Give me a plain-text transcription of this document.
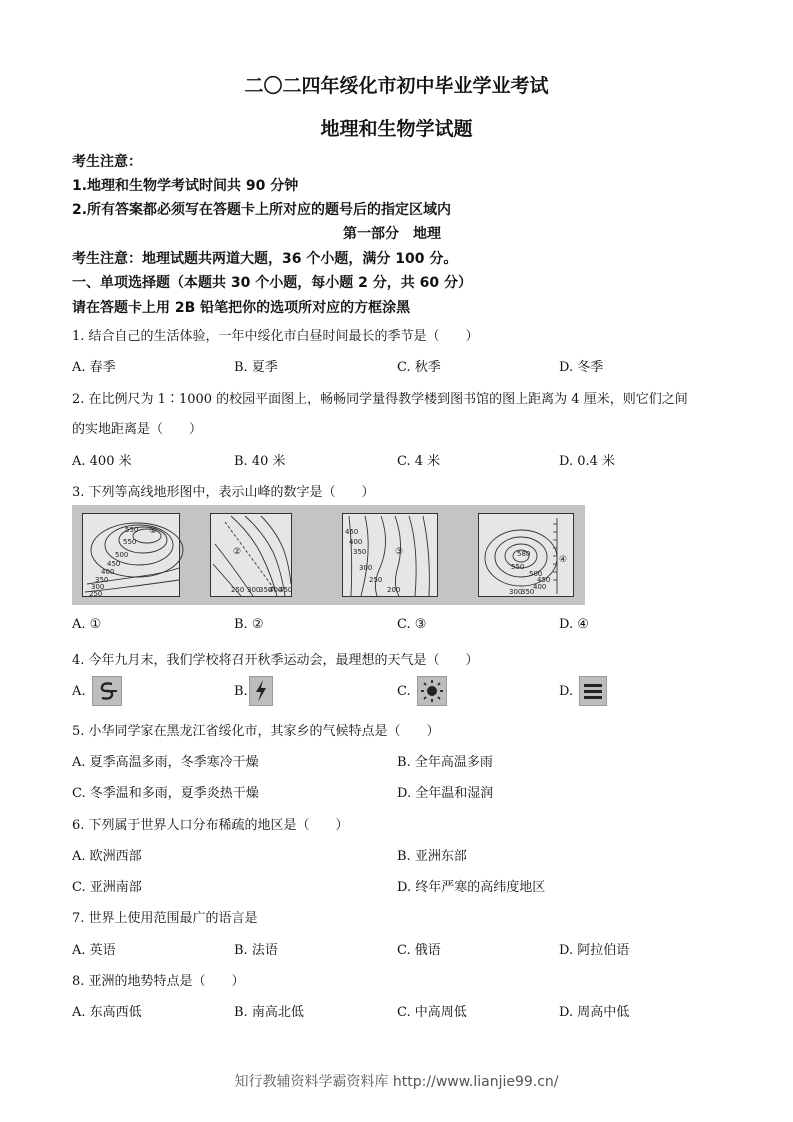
二〇二四年绥化市初中毕业学业考试
地理和生物学试题
考生注意：
1.地理和生物学考试时间共 90 分钟
2.所有答案都必须写在答题卡上所对应的题号后的指定区域内
第一部分　地理
考生注意：地理试题共两道大题，36 个小题，满分 100 分。
一、单项选择题（本题共 30 个小题，每小题 2 分，共 60 分）
请在答题卡上用 2B 铅笔把你的选项所对应的方框涂黑
1. 结合自己的生活体验，一年中绥化市白昼时间最长的季节是（　　）
A. 春季	B. 夏季	C. 秋季	D. 冬季
2. 在比例尺为 1∶1000 的校园平面图上，畅畅同学量得教学楼到图书馆的图上距离为 4 厘米，则它们之间
的实地距离是（　　）
A. 400 米	B. 40 米	C. 4 米	D. 0.4 米
3. 下列等高线地形图中，表示山峰的数字是（　　）
550
550
500
450
400
350
300
250
①
250 300
350
400
450
②
450
400
350
300
250
200
③	580
550
500
450
400
350
300
④
A. ①	B. ②	C. ③	D. ④
4. 今年九月末，我们学校将召开秋季运动会，最理想的天气是（　　）
A.	B.	C.	D.
5. 小华同学家在黑龙江省绥化市，其家乡的气候特点是（　　）
A. 夏季高温多雨，冬季寒冷干燥	B. 全年高温多雨
C. 冬季温和多雨，夏季炎热干燥	D. 全年温和湿润
6. 下列属于世界人口分布稀疏的地区是（　　）
A. 欧洲西部	B. 亚洲东部
C. 亚洲南部	D. 终年严寒的高纬度地区
7. 世界上使用范围最广的语言是
A. 英语	B. 法语	C. 俄语	D. 阿拉伯语
8. 亚洲的地势特点是（　　）
A. 东高西低	B. 南高北低	C. 中高周低	D. 周高中低
知行教辅资料学霸资料库 http://www.lianjie99.cn/
